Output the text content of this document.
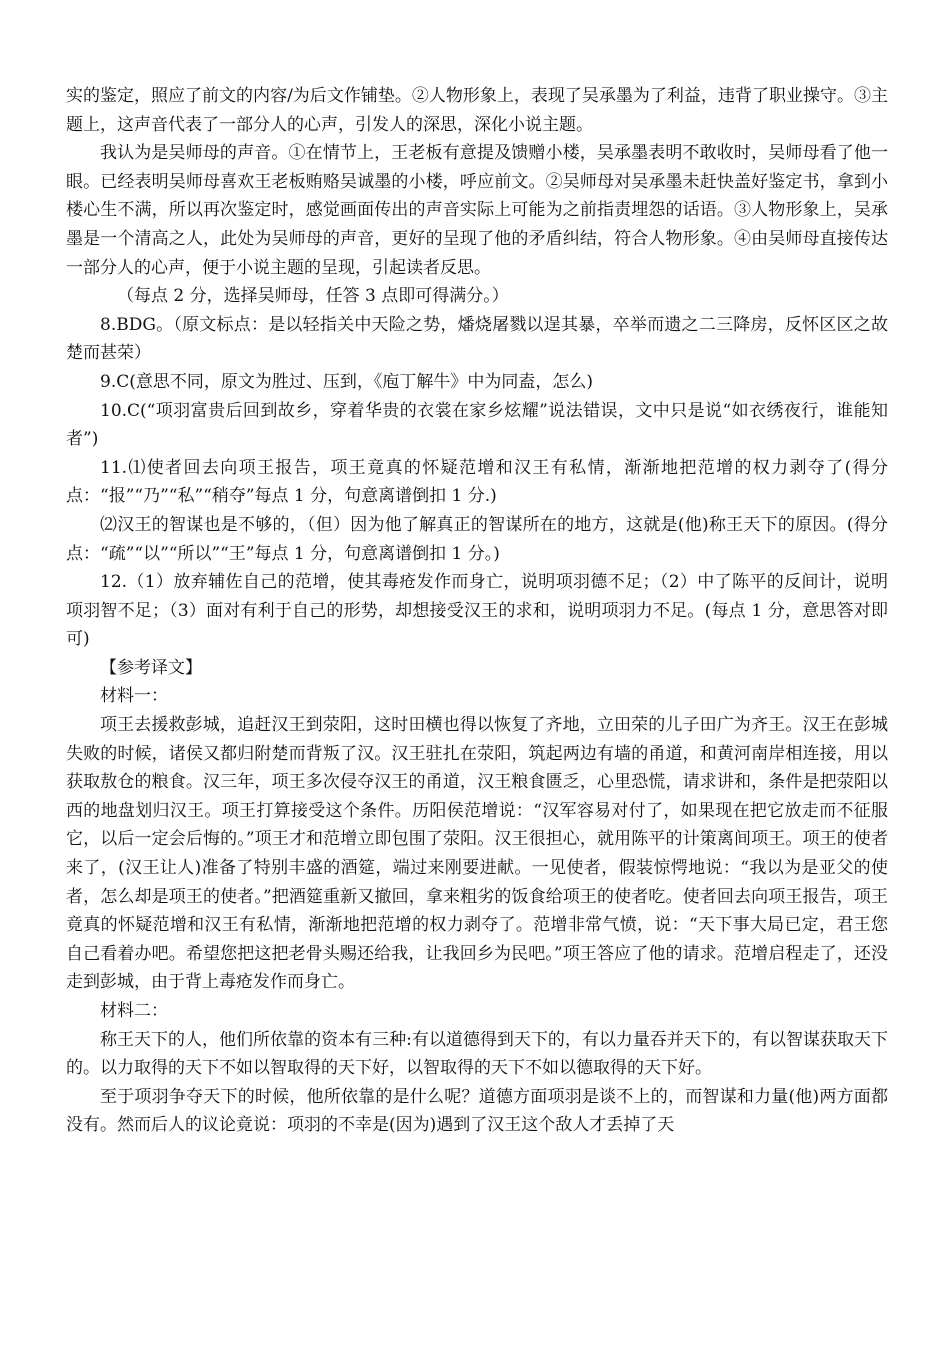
实的鉴定，照应了前文的内容/为后文作铺垫。②人物形象上，表现了吴承墨为了利益，违背了职业操守。③主题上，这声音代表了一部分人的心声，引发人的深思，深化小说主题。

我认为是吴师母的声音。①在情节上，王老板有意提及馈赠小楼，吴承墨表明不敢收时，吴师母看了他一眼。已经表明吴师母喜欢王老板贿赂吴诚墨的小楼，呼应前文。②吴师母对吴承墨未赶快盖好鉴定书，拿到小楼心生不满，所以再次鉴定时，感觉画面传出的声音实际上可能为之前指责埋怨的话语。③人物形象上，吴承墨是一个清高之人，此处为吴师母的声音，更好的呈现了他的矛盾纠结，符合人物形象。④由吴师母直接传达一部分人的心声，便于小说主题的呈现，引起读者反思。

（每点 2 分，选择吴师母，任答 3 点即可得满分。）

8.BDG。（原文标点：是以轻指关中天险之势，燔烧屠戮以逞其暴，卒举而遗之二三降房，反怀区区之故楚而甚荣）

9.C(意思不同，原文为胜过、压到，《庖丁解牛》中为同盍，怎么)

10.C(“项羽富贵后回到故乡，穿着华贵的衣裳在家乡炫耀”说法错误，文中只是说“如衣绣夜行，谁能知者”)

11.⑴使者回去向项王报告，项王竟真的怀疑范增和汉王有私情，渐渐地把范增的权力剥夺了(得分点：“报”“乃”“私”“稍夺”每点 1 分，句意离谱倒扣 1 分.)

⑵汉王的智谋也是不够的，（但）因为他了解真正的智谋所在的地方，这就是(他)称王天下的原因。(得分点：“疏”“以”“所以”“王”每点 1 分，句意离谱倒扣 1 分。)

12.（1）放弃辅佐自己的范增，使其毒疮发作而身亡，说明项羽德不足；（2）中了陈平的反间计，说明项羽智不足；（3）面对有利于自己的形势，却想接受汉王的求和，说明项羽力不足。(每点 1 分，意思答对即可)

【参考译文】

材料一：

项王去援救彭城，追赶汉王到荥阳，这时田横也得以恢复了齐地，立田荣的儿子田广为齐王。汉王在彭城失败的时候，诸侯又都归附楚而背叛了汉。汉王驻扎在荥阳，筑起两边有墙的甬道，和黄河南岸相连接，用以获取敖仓的粮食。汉三年，项王多次侵夺汉王的甬道，汉王粮食匮乏，心里恐慌，请求讲和，条件是把荥阳以西的地盘划归汉王。项王打算接受这个条件。历阳侯范增说：“汉军容易对付了，如果现在把它放走而不征服它，以后一定会后悔的。”项王才和范增立即包围了荥阳。汉王很担心，就用陈平的计策离间项王。项王的使者来了，(汉王让人)准备了特别丰盛的酒筵，端过来刚要进献。一见使者，假装惊愕地说：“我以为是亚父的使者，怎么却是项王的使者。”把酒筵重新又撤回，拿来粗劣的饭食给项王的使者吃。使者回去向项王报告，项王竟真的怀疑范增和汉王有私情，渐渐地把范增的权力剥夺了。范增非常气愤，说：“天下事大局已定，君王您自己看着办吧。希望您把这把老骨头赐还给我，让我回乡为民吧。”项王答应了他的请求。范增启程走了，还没走到彭城，由于背上毒疮发作而身亡。

材料二：

称王天下的人，他们所依靠的资本有三种:有以道德得到天下的，有以力量吞并天下的，有以智谋获取天下的。以力取得的天下不如以智取得的天下好，以智取得的天下不如以德取得的天下好。

至于项羽争夺天下的时候，他所依靠的是什么呢？道德方面项羽是谈不上的，而智谋和力量(他)两方面都没有。然而后人的议论竟说：项羽的不幸是(因为)遇到了汉王这个敌人才丢掉了天
